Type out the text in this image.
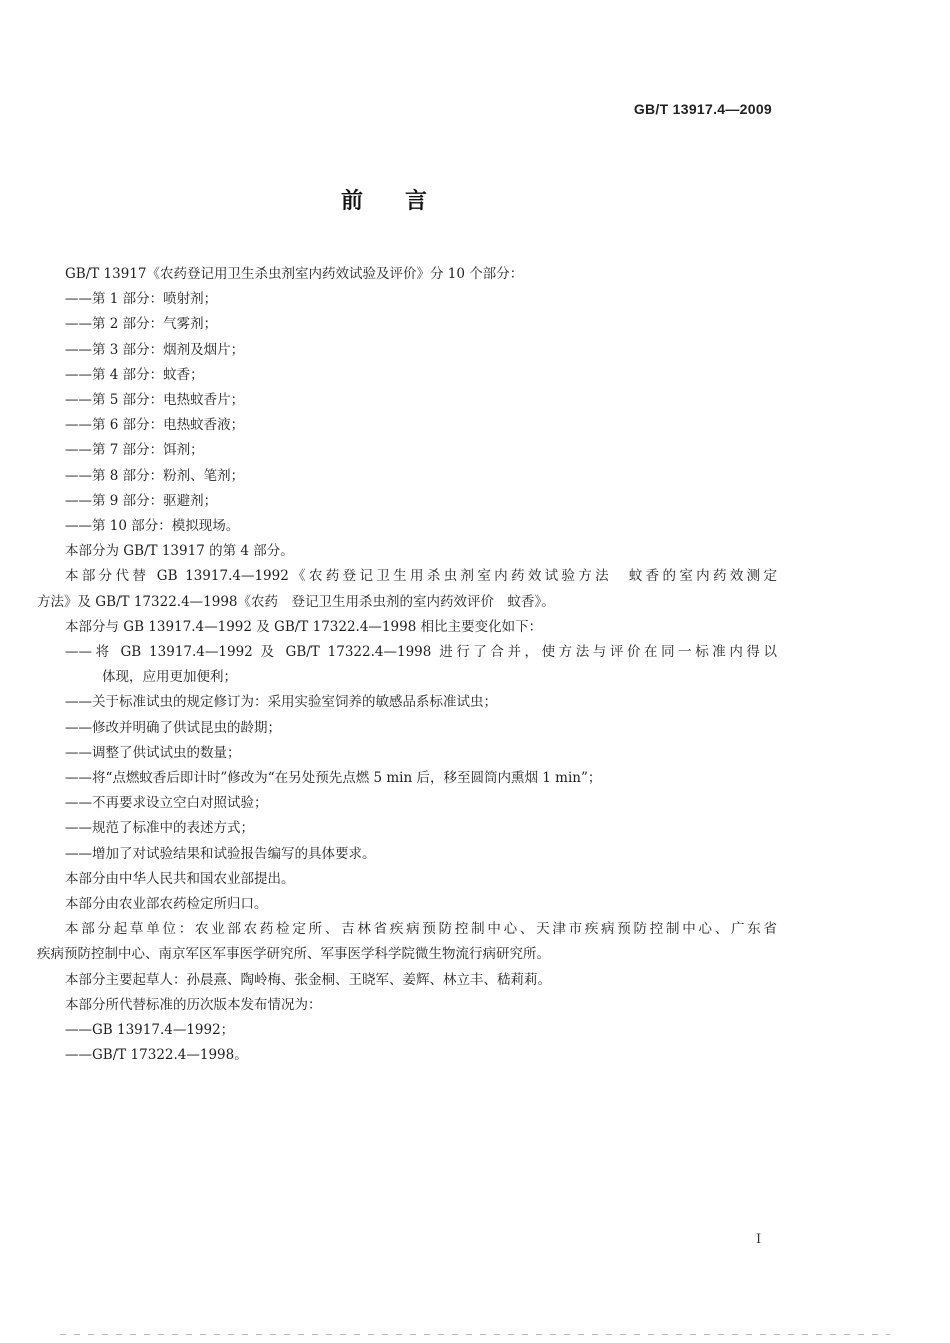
GB/T 13917.4—2009
前言

GB/T 13917《农药登记用卫生杀虫剂室内药效试验及评价》分 10 个部分：

——第 1 部分：喷射剂；

——第 2 部分：气雾剂；

——第 3 部分：烟剂及烟片；

——第 4 部分：蚊香；

——第 5 部分：电热蚊香片；

——第 6 部分：电热蚊香液；

——第 7 部分：饵剂；

——第 8 部分：粉剂、笔剂；

——第 9 部分：驱避剂；

——第 10 部分：模拟现场。

本部分为 GB/T 13917 的第 4 部分。

本部分代替 GB 13917.4—1992《农药登记卫生用杀虫剂室内药效试验方法　蚊香的室内药效测定

方法》及 GB/T 17322.4—1998《农药　登记卫生用杀虫剂的室内药效评价　蚊香》。

本部分与 GB 13917.4—1992 及 GB/T 17322.4—1998 相比主要变化如下：

——将 GB 13917.4—1992 及 GB/T 17322.4—1998 进行了合并，使方法与评价在同一标准内得以

体现，应用更加便利；

——关于标准试虫的规定修订为：采用实验室饲养的敏感品系标准试虫；

——修改并明确了供试昆虫的龄期；

——调整了供试试虫的数量；

——将“点燃蚊香后即计时”修改为“在另处预先点燃 5 min 后，移至圆筒内熏烟 1 min”；

——不再要求设立空白对照试验；

——规范了标准中的表述方式；

——增加了对试验结果和试验报告编写的具体要求。

本部分由中华人民共和国农业部提出。

本部分由农业部农药检定所归口。

本部分起草单位：农业部农药检定所、吉林省疾病预防控制中心、天津市疾病预防控制中心、广东省

疾病预防控制中心、南京军区军事医学研究所、军事医学科学院微生物流行病研究所。

本部分主要起草人：孙晨熹、陶岭梅、张金桐、王晓军、姜辉、林立丰、嵇莉莉。

本部分所代替标准的历次版本发布情况为：

——GB 13917.4—1992；

——GB/T 17322.4—1998。

I
